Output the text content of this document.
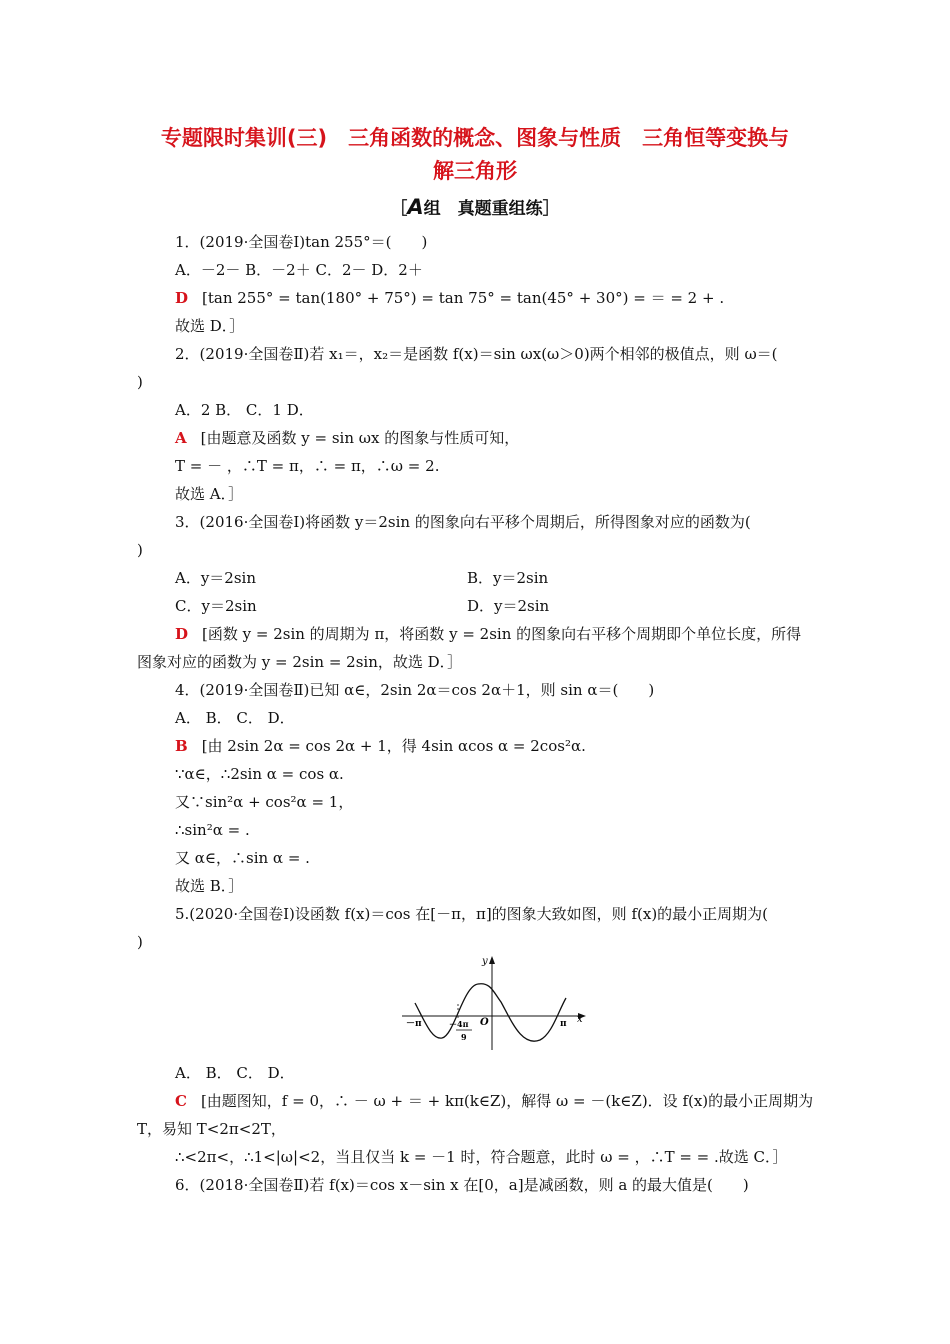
专题限时集训(三)　三角函数的概念、图象与性质　三角恒等变换与
解三角形
［A组　真题重组练］
1．(2019·全国卷Ⅰ)tan 255°＝(　　)
A．－2－ B．－2＋ C．2－ D．2＋
D [tan 255° = tan(180° + 75°) = tan 75° = tan(45° + 30°) = ＝ = 2 + .
故选 D．］
2．(2019·全国卷Ⅱ)若 x₁＝，x₂＝是函数 f(x)＝sin ωx(ω＞0)两个相邻的极值点，则 ω＝(
)
A．2 B． C．1 D．
A [由题意及函数 y = sin ωx 的图象与性质可知，
T = － ，∴T = π，∴ = π，∴ω = 2.
故选 A．］
3．(2016·全国卷Ⅰ)将函数 y＝2sin 的图象向右平移个周期后，所得图象对应的函数为(
)
A．y＝2sin	B．y＝2sin
C．y＝2sin	D．y＝2sin
D [函数 y = 2sin 的周期为 π，将函数 y = 2sin 的图象向右平移个周期即个单位长度，所得
图象对应的函数为 y = 2sin = 2sin，故选 D．］
4．(2019·全国卷Ⅱ)已知 α∈，2sin 2α＝cos 2α＋1，则 sin α＝(　　)
A． B． C． D．
B [由 2sin 2α = cos 2α + 1，得 4sin αcos α = 2cos²α.
∵α∈，∴2sin α = cos α.
又∵sin²α + cos²α = 1，
∴sin²α = .
又 α∈，∴sin α = .
故选 B．］
5.(2020·全国卷Ⅰ)设函数 f(x)＝cos 在[－π，π]的图象大致如图，则 f(x)的最小正周期为(
)
y
x
O
－π	π
－4π
9
A． B． C． D．
C [由题图知，f = 0，∴ － ω + ＝ + kπ(k∈Z)，解得 ω = －(k∈Z)．设 f(x)的最小正周期为
T，易知 T<2π<2T，
∴<2π<，∴1<|ω|<2，当且仅当 k = －1 时，符合题意，此时 ω = ，∴T = = .故选 C．］
6．(2018·全国卷Ⅱ)若 f(x)＝cos x－sin x 在[0，a]是减函数，则 a 的最大值是(　　)
